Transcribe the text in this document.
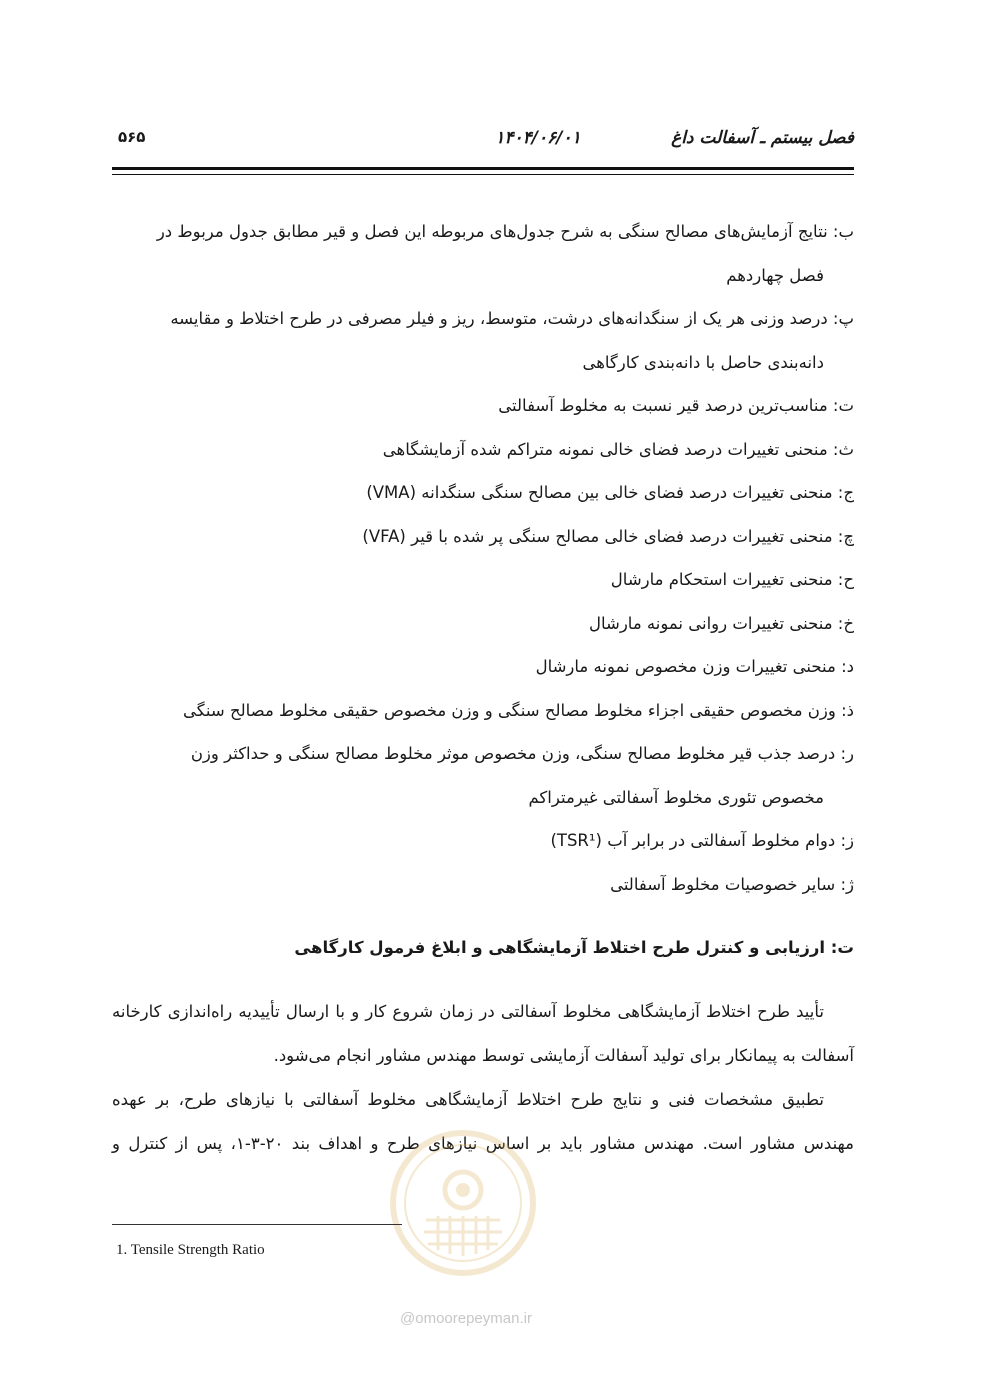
فصل بیستم ـ آسفالت داغ
۱۴۰۴/۰۶/۰۱
۵۶۵

ب: نتایج آزمایش‌های مصالح سنگی به شرح جدول‌های مربوطه این فصل و قیر مطابق جدول مربوط در
فصل چهاردهم

پ: درصد وزنی هر یک از سنگدانه‌های درشت، متوسط، ریز و فیلر مصرفی در طرح اختلاط و مقایسه
دانه‌بندی حاصل با دانه‌بندی کارگاهی

ت: مناسب‌ترین درصد قیر نسبت به مخلوط آسفالتی

ث: منحنی تغییرات درصد فضای خالی نمونه متراکم شده آزمایشگاهی

ج: منحنی تغییرات درصد فضای خالی بین مصالح سنگی سنگدانه (VMA)

چ: منحنی تغییرات درصد فضای خالی مصالح سنگی پر شده با قیر (VFA)

ح: منحنی تغییرات استحکام مارشال

خ: منحنی تغییرات روانی نمونه مارشال

د: منحنی تغییرات وزن مخصوص نمونه مارشال

ذ: وزن مخصوص حقیقی اجزاء مخلوط مصالح سنگی و وزن مخصوص حقیقی مخلوط مصالح سنگی

ر: درصد جذب قیر مخلوط مصالح سنگی، وزن مخصوص موثر مخلوط مصالح سنگی و حداکثر وزن
مخصوص تئوری مخلوط آسفالتی غیرمتراکم

ز: دوام مخلوط آسفالتی در برابر آب (TSR¹)

ژ: سایر خصوصیات مخلوط آسفالتی

ت: ارزیابی و کنترل طرح اختلاط آزمایشگاهی و ابلاغ فرمول کارگاهی

تأیید طرح اختلاط آزمایشگاهی مخلوط آسفالتی در زمان شروع کار و با ارسال تأییدیه راه‌اندازی کارخانه آسفالت به پیمانکار برای تولید آسفالت آزمایشی توسط مهندس مشاور انجام می‌شود.

تطبیق مشخصات فنی و نتایج طرح اختلاط آزمایشگاهی مخلوط آسفالتی با نیازهای طرح، بر عهده مهندس مشاور است. مهندس مشاور باید بر اساس نیازهای طرح و اهداف بند ۲۰-۳-۱، پس از کنترل و

@omoorepeyman.ir
1. Tensile Strength Ratio
